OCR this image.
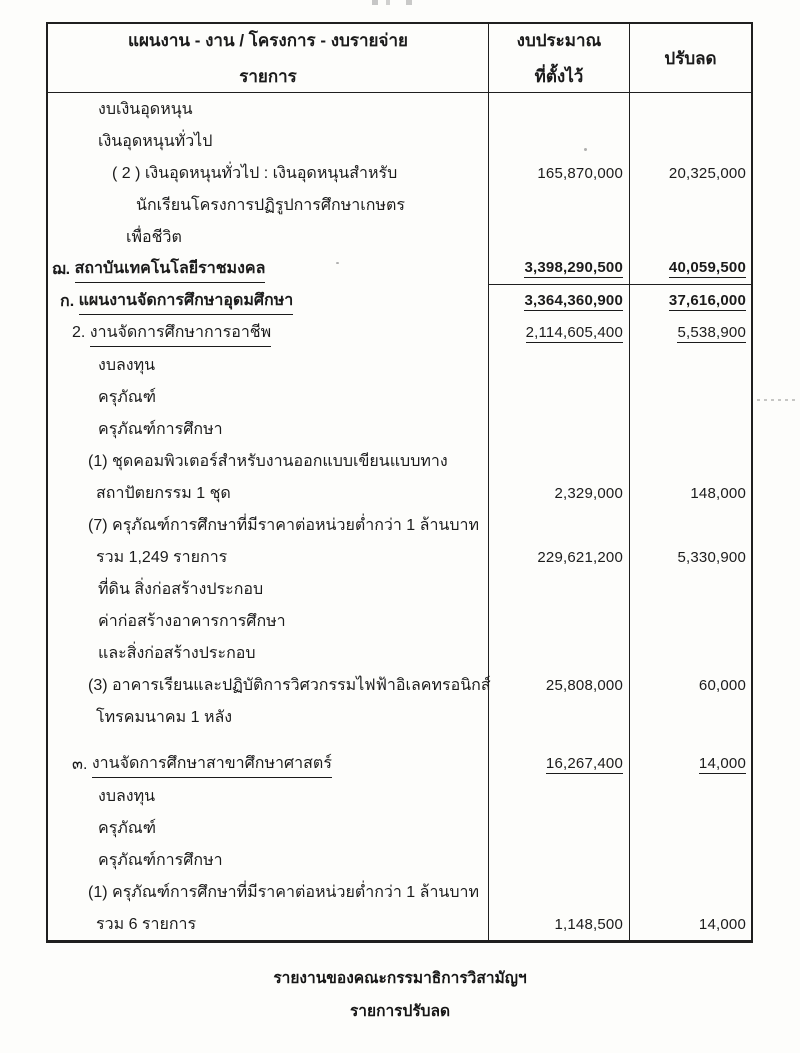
แผนงาน - งาน / โครงการ - งบรายจ่าย
รายการ
งบประมาณ
ที่ตั้งไว้
ปรับลด
งบเงินอุดหนุน
เงินอุดหนุนทั่วไป
( 2 ) เงินอุดหนุนทั่วไป : เงินอุดหนุนสำหรับ	165,870,000	20,325,000
นักเรียนโครงการปฏิรูปการศึกษาเกษตร
เพื่อชีวิต
ฌ. สถาบันเทคโนโลยีราชมงคล	3,398,290,500	40,059,500
ก. แผนงานจัดการศึกษาอุดมศึกษา	3,364,360,900	37,616,000
2. งานจัดการศึกษาการอาชีพ	2,114,605,400	5,538,900
งบลงทุน
ครุภัณฑ์
ครุภัณฑ์การศึกษา
(1) ชุดคอมพิวเตอร์สำหรับงานออกแบบเขียนแบบทาง
สถาปัตยกรรม 1 ชุด	2,329,000	148,000
(7) ครุภัณฑ์การศึกษาที่มีราคาต่อหน่วยต่ำกว่า 1 ล้านบาท
รวม 1,249 รายการ	229,621,200	5,330,900
ที่ดิน สิ่งก่อสร้างประกอบ
ค่าก่อสร้างอาคารการศึกษา
และสิ่งก่อสร้างประกอบ
(3) อาคารเรียนและปฏิบัติการวิศวกรรมไฟฟ้าอิเลคทรอนิกส์	25,808,000	60,000
โทรคมนาคม 1 หลัง
๓. งานจัดการศึกษาสาขาศึกษาศาสตร์	16,267,400	14,000
งบลงทุน
ครุภัณฑ์
ครุภัณฑ์การศึกษา
(1) ครุภัณฑ์การศึกษาที่มีราคาต่อหน่วยต่ำกว่า 1 ล้านบาท
รวม 6 รายการ	1,148,500	14,000
รายงานของคณะกรรมาธิการวิสามัญฯ
รายการปรับลด
